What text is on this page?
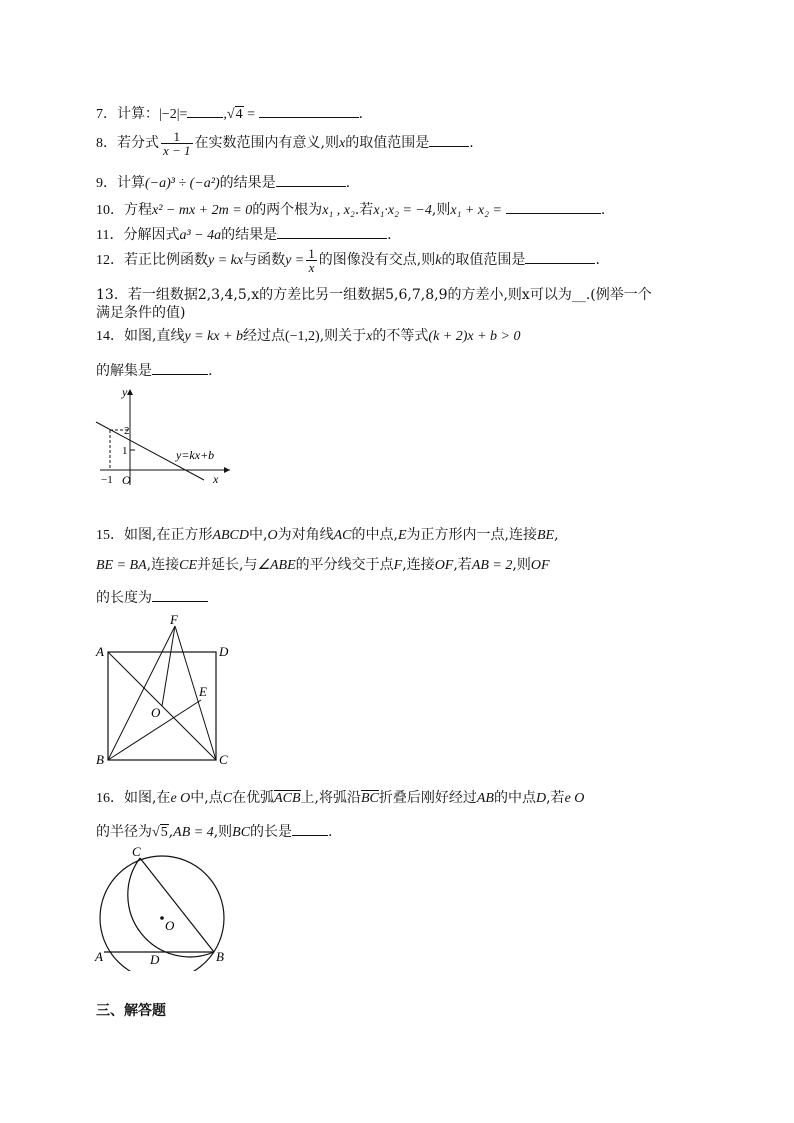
7．计算：|−2|=	,√4 =	.
8．若分式 $\frac{1}{x - 1}$ 在实数范围内有意义,则x的取值范围是	.
9．计算(−a)³ ÷ (−a²)的结果是	.
10．方程x² − mx + 2m = 0的两个根为x₁ , x₂.若x₁·x₂ = −4,则x₁ + x₂ =	.
11．分解因式a³ − 4a的结果是	.
12．若正比例函数y = kx与函数$y = \frac{1}{x}$ 的图像没有交点,则k的取值范围是	.
13．若一组数据2,3,4,5,x的方差比另一组数据5,6,7,8,9的方差小,则x可以为__.(例举一个
满足条件的值)
14．如图,直线y = kx + b经过点(−1,2),则关于x的不等式(k + 2)x + b > 0
的解集是	.
y
x
O
2
1
−1
y=kx+b
15．如图,在正方形ABCD中,O为对角线AC的中点,E为正方形内一点,连接BE,
BE = BA,连接CE并延长,与∠ABE的平分线交于点F,连接OF,若AB = 2,则OF
的长度为
A
B	C
D
E
F
O
16．如图,在e O中,点C在优弧ACB上,将弧沿BC折叠后刚好经过AB的中点D,若e O
的半径为√5,AB = 4,则BC的长是	.
C
O
A	D	B
三、解答题
